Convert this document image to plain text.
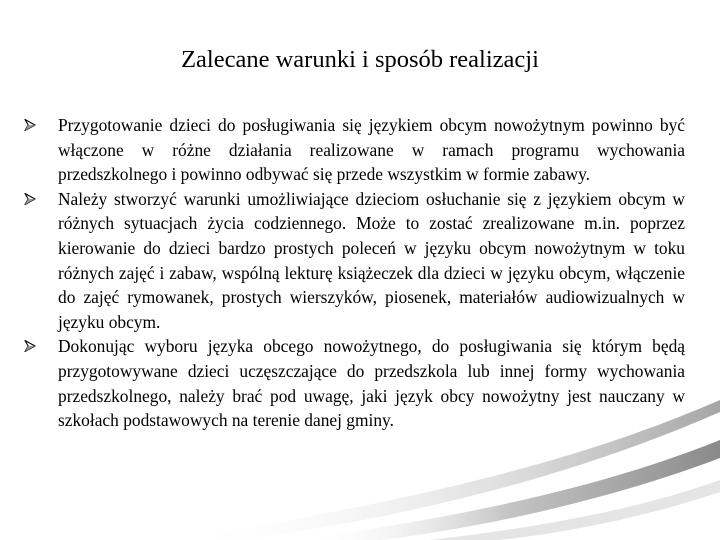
Zalecane warunki i sposób realizacji
Przygotowanie dzieci do posługiwania się językiem obcym nowożytnym powinno być włączone w różne działania realizowane w ramach programu wychowania przedszkolnego i powinno odbywać się przede wszystkim w formie zabawy.
Należy stworzyć warunki umożliwiające dzieciom osłuchanie się z językiem obcym w różnych sytuacjach życia codziennego. Może to zostać zrealizowane m.in. poprzez kierowanie do dzieci bardzo prostych poleceń w języku obcym nowożytnym w toku różnych zajęć i zabaw, wspólną lekturę książeczek dla dzieci w języku obcym, włączenie do zajęć rymowanek, prostych wierszyków, piosenek, materiałów audiowizualnych w języku obcym.
Dokonując wyboru języka obcego nowożytnego, do posługiwania się którym będą przygotowywane dzieci uczęszczające do przedszkola lub innej formy wychowania przedszkolnego, należy brać pod uwagę, jaki język obcy nowożytny jest nauczany w szkołach podstawowych na terenie danej gminy.
